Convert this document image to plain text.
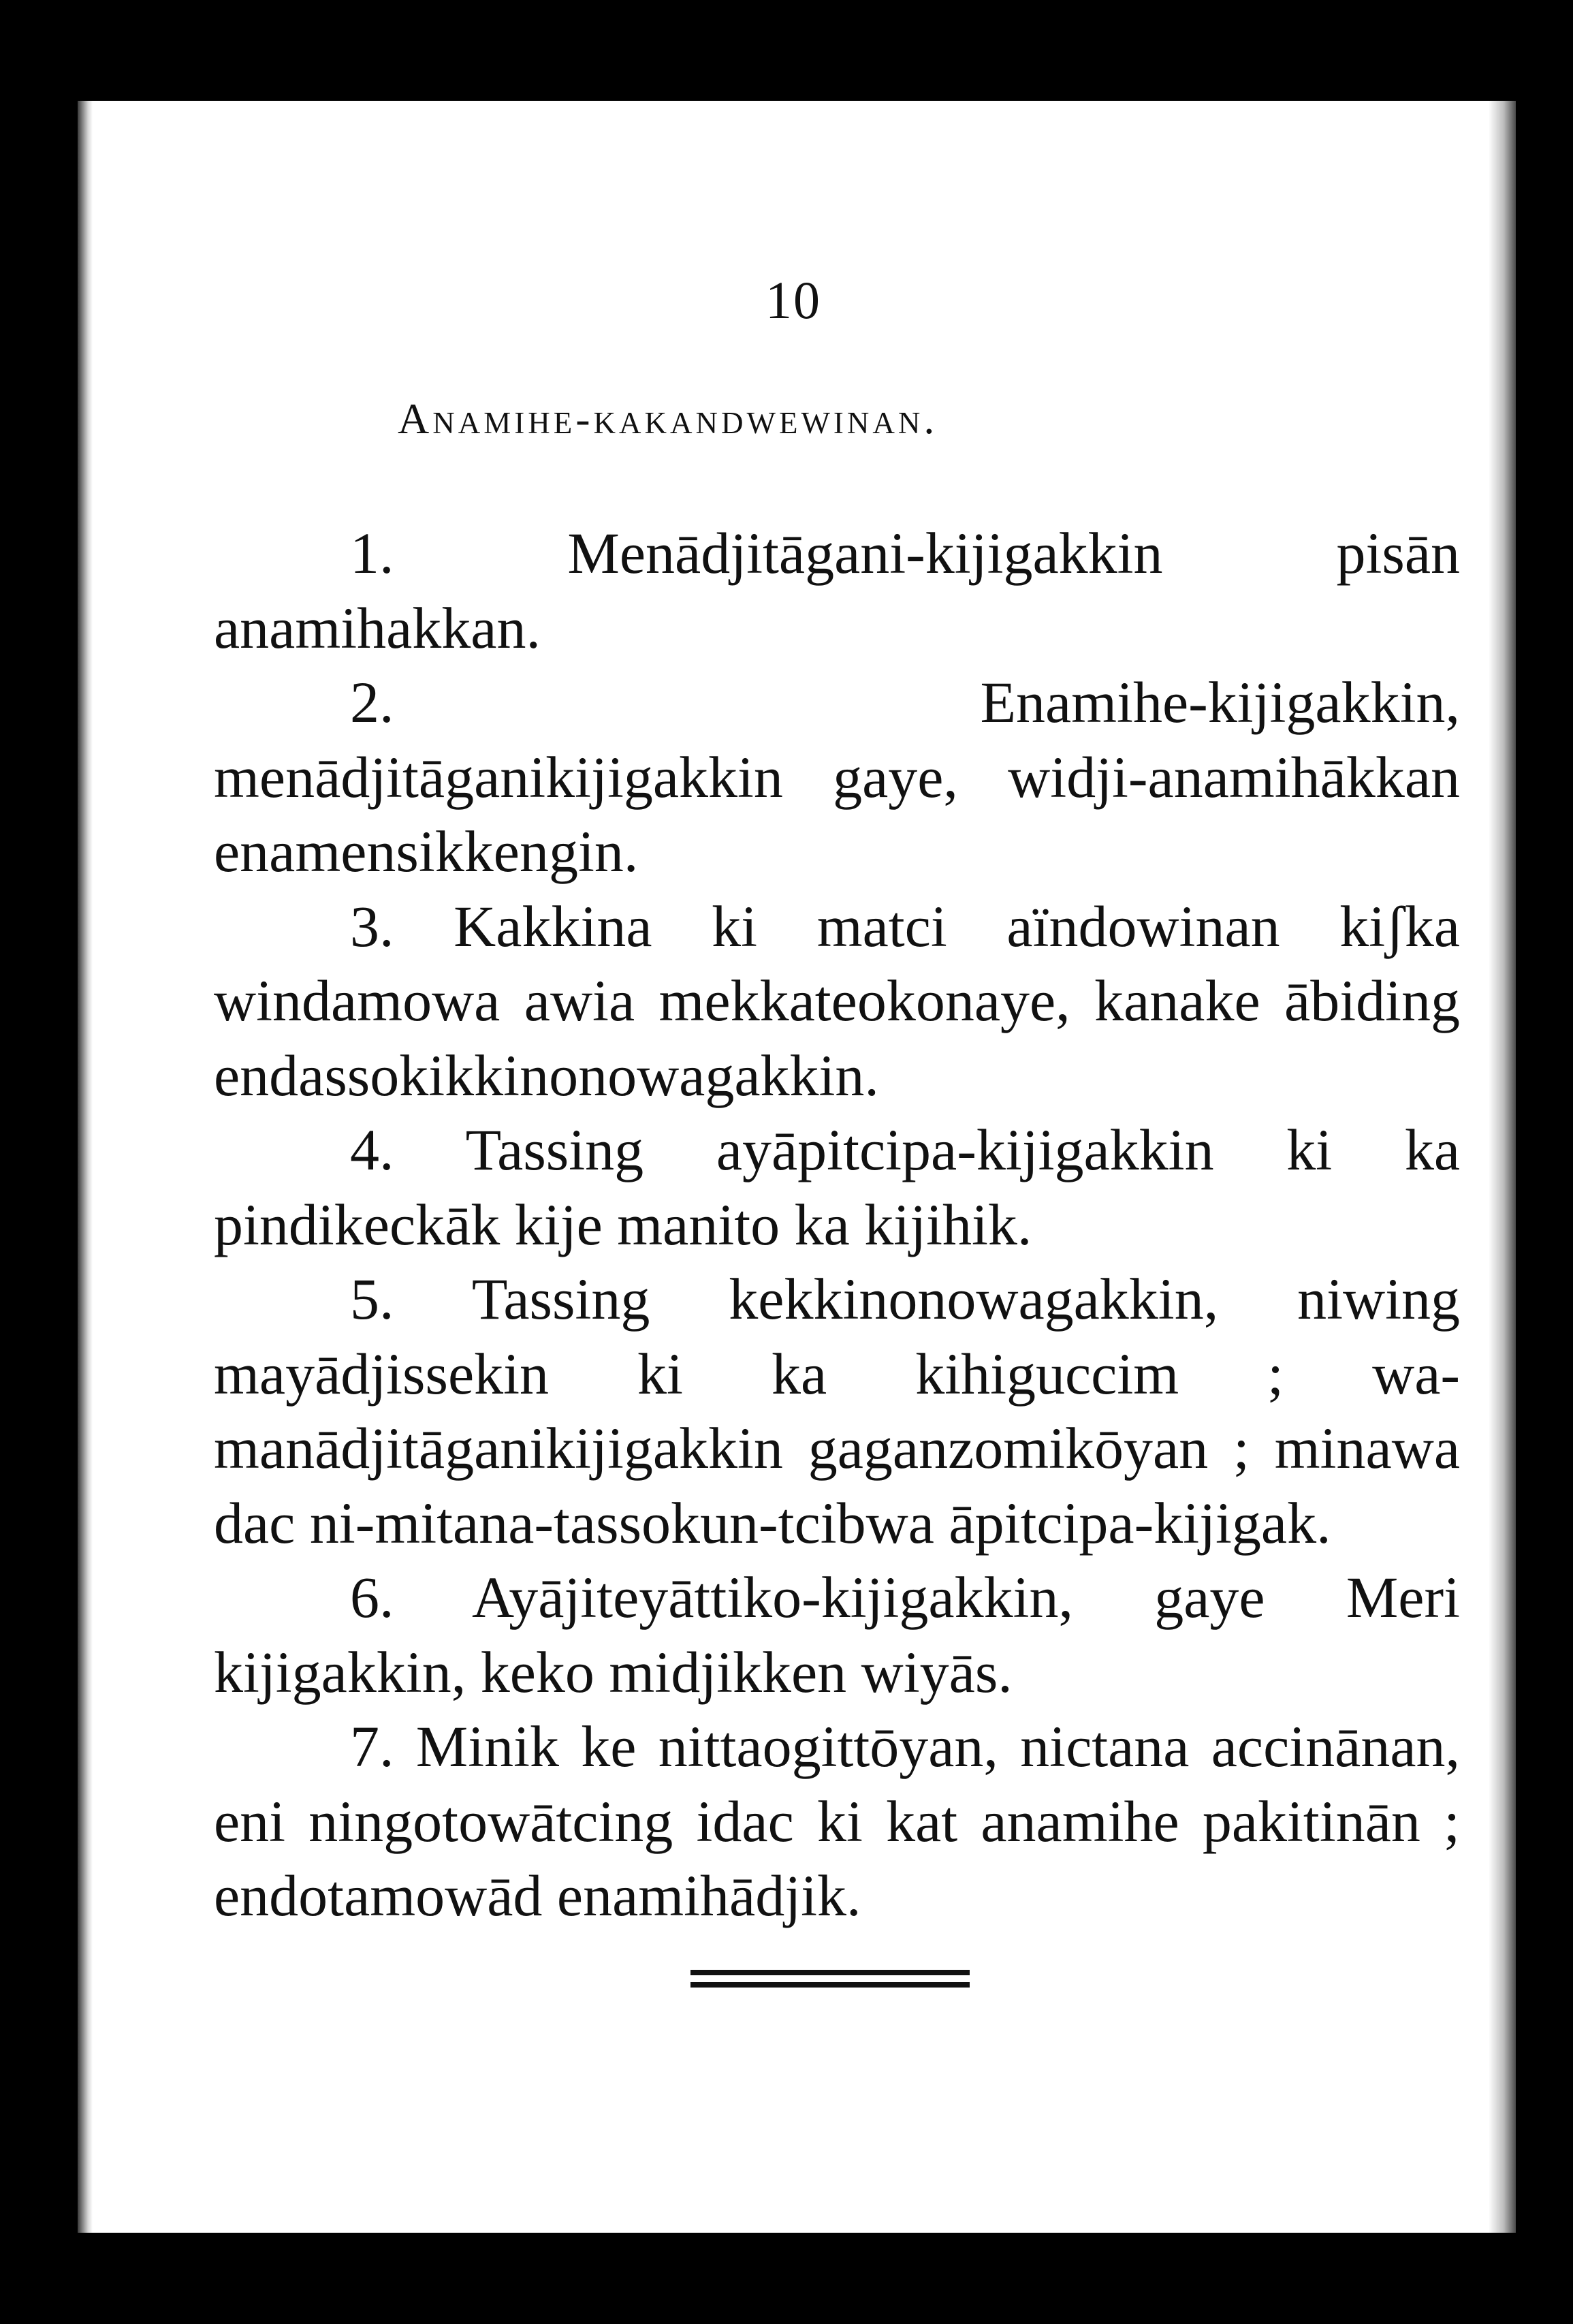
10
Anamihe-kakandwewinan.

1.	Menādjitāgani-kijigakkin pisān anamihakkan.

2.	Enamihe-kijigakkin, menādjitāganikijigakkin gaye, widji-anamihākkan enamensikkengin.

3. Kakkina ki matci aïndowinan kiʃka windamowa awia mekkateokonaye, kanake ābiding endassokikkinonowagakkin.

4. Tassing ayāpitcipa-kijigakkin ki ka pindikeckāk kije manito ka kijihik.

5. Tassing kekkinonowagakkin, niwing mayādjissekin ki ka kihiguccim ; wa-manādjitāganikijigakkin gaganzomikōyan ; minawa dac ni-mitana-tassokun-tcibwa āpitcipa-kijigak.

6. Ayājiteyāttiko-kijigakkin, gaye Meri kijigakkin, keko midjikken wiyās.

7. Minik ke nittaogittōyan, nictana accinānan, eni ningotowātcing idac ki kat anamihe pakitinān ; endotamowād enamihādjik.
